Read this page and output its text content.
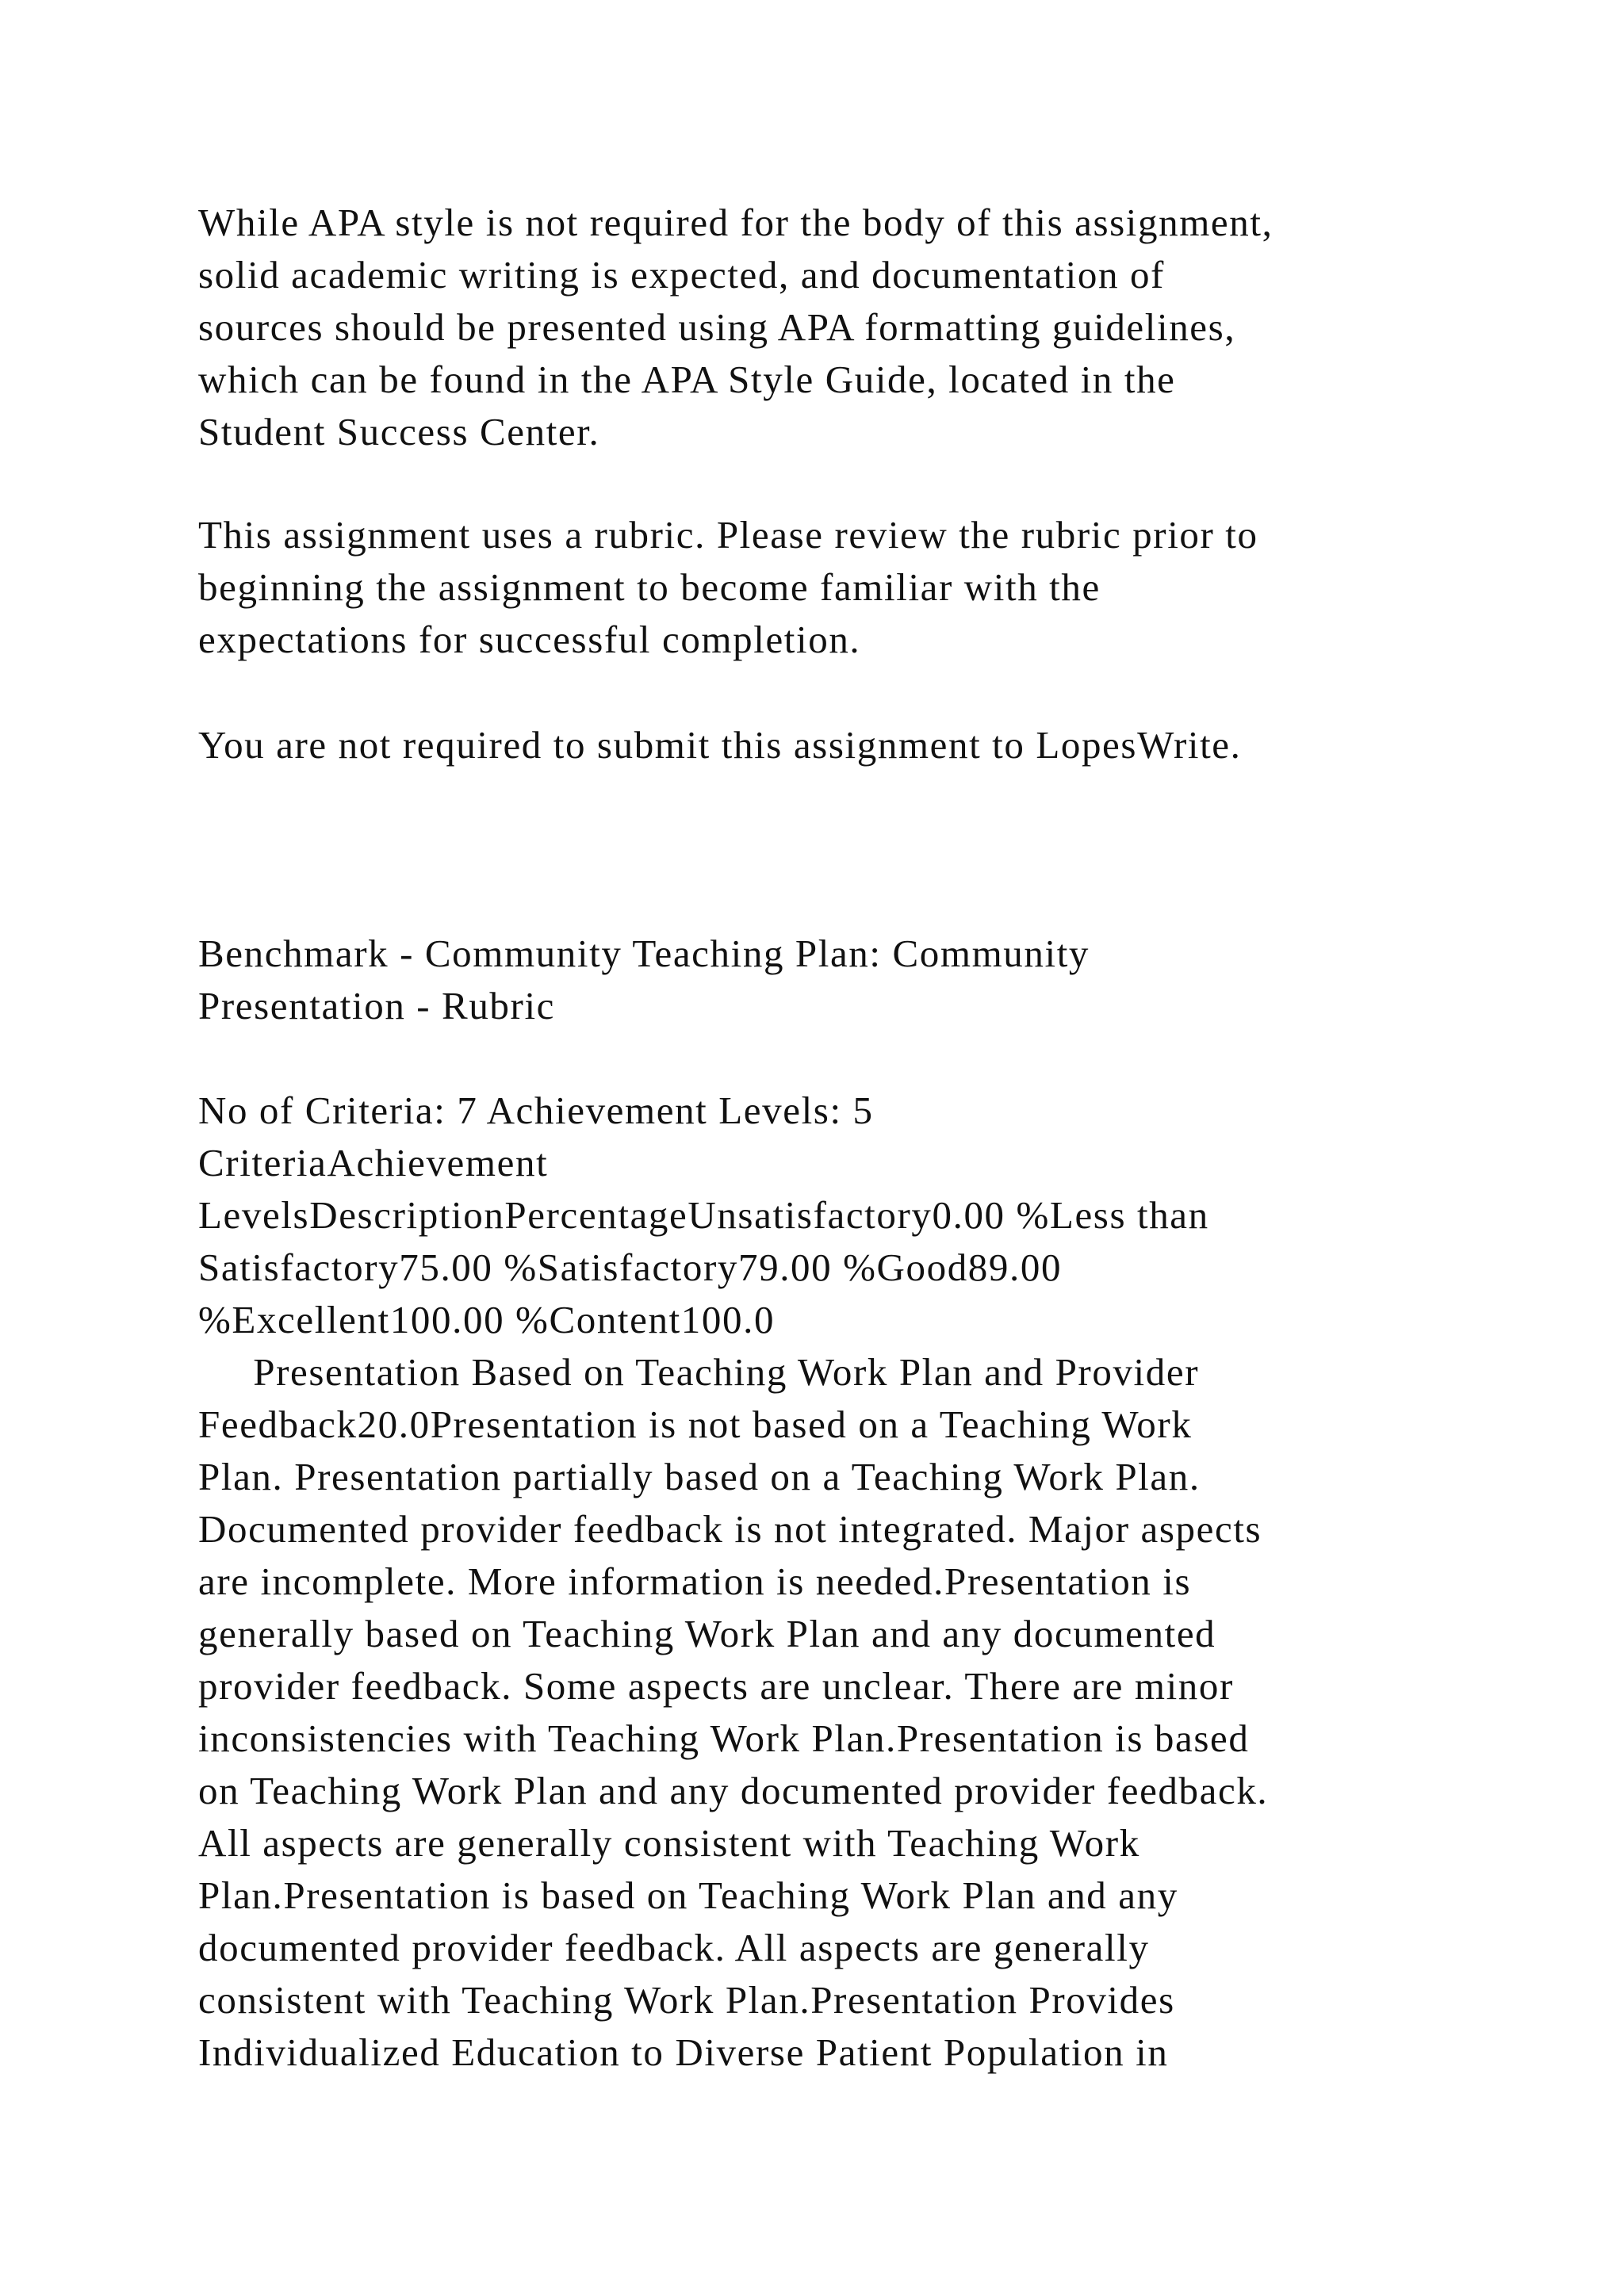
While APA style is not required for the body of this assignment,
solid academic writing is expected, and documentation of
sources should be presented using APA formatting guidelines,
which can be found in the APA Style Guide, located in the
Student Success Center.
This assignment uses a rubric. Please review the rubric prior to
beginning the assignment to become familiar with the
expectations for successful completion.
You are not required to submit this assignment to LopesWrite.
Benchmark - Community Teaching Plan: Community
Presentation - Rubric
No of Criteria: 7 Achievement Levels: 5
CriteriaAchievement
LevelsDescriptionPercentageUnsatisfactory0.00 %Less than
Satisfactory75.00 %Satisfactory79.00 %Good89.00
%Excellent100.00 %Content100.0
Presentation Based on Teaching Work Plan and Provider
Feedback20.0Presentation is not based on a Teaching Work
Plan. Presentation partially based on a Teaching Work Plan.
Documented provider feedback is not integrated. Major aspects
are incomplete. More information is needed.Presentation is
generally based on Teaching Work Plan and any documented
provider feedback. Some aspects are unclear. There are minor
inconsistencies with Teaching Work Plan.Presentation is based
on Teaching Work Plan and any documented provider feedback.
All aspects are generally consistent with Teaching Work
Plan.Presentation is based on Teaching Work Plan and any
documented provider feedback. All aspects are generally
consistent with Teaching Work Plan.Presentation Provides
Individualized Education to Diverse Patient Population in
